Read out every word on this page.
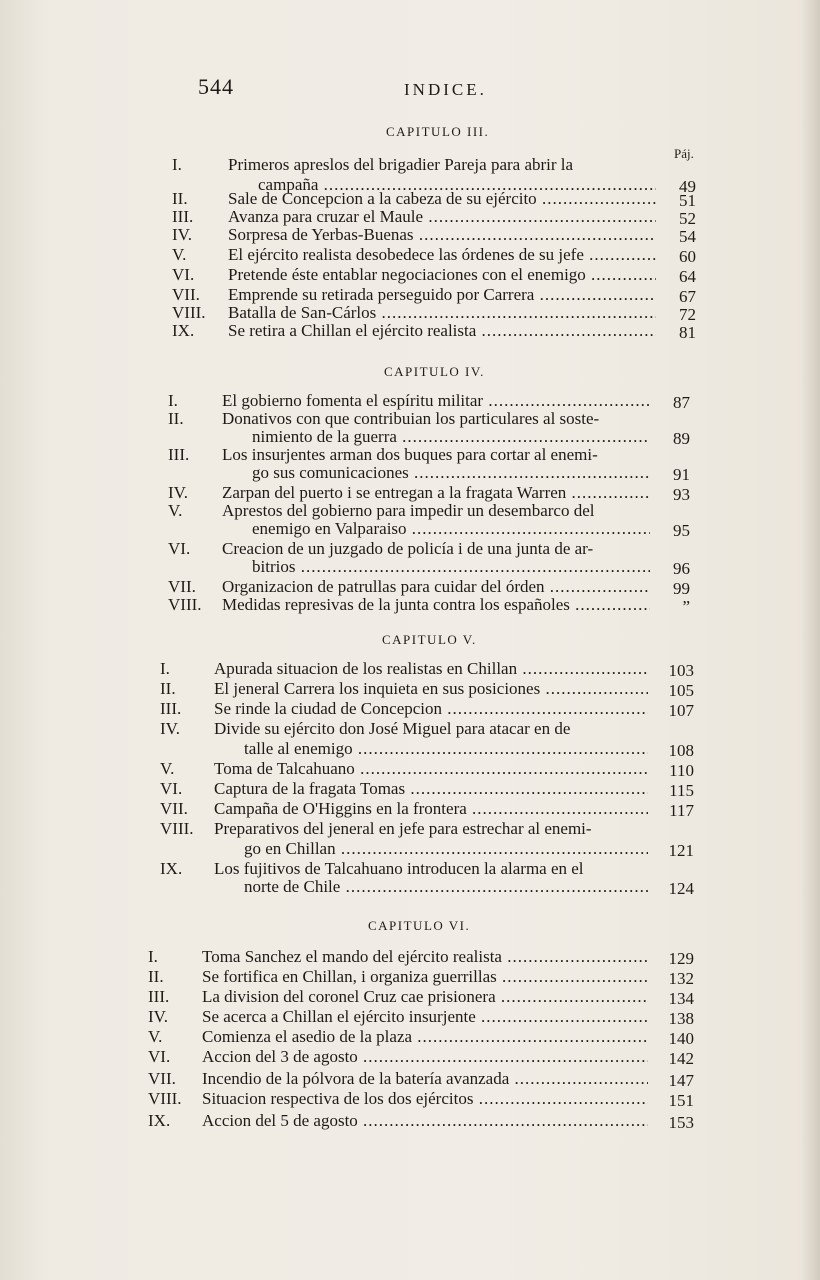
544	INDICE.
Páj.
CAPITULO III.
I.	Primeros apreslos del brigadier Pareja para abrir la
campaña .....	49
II. Sale de Concepcion a la cabeza de su ejército .....	51
III. Avanza para cruzar el Maule .....	52
IV. Sorpresa de Yerbas-Buenas .....	54
V. El ejército realista desobedece las órdenes de su jefe .....	60
VI. Pretende éste entablar negociaciones con el enemigo .....	64
VII. Emprende su retirada perseguido por Carrera .....	67
VIII. Batalla de San-Cárlos .....	72
IX. Se retira a Chillan el ejército realista .....	81
CAPITULO IV.
I.	El gobierno fomenta el espíritu militar .....	87
II. Donativos con que contribuian los particulares al soste-
nimiento de la guerra .....	89
III. Los insurjentes arman dos buques para cortar al enemi-
go sus comunicaciones .....	91
IV. Zarpan del puerto i se entregan a la fragata Warren .....	93
V. Aprestos del gobierno para impedir un desembarco del
enemigo en Valparaiso .....	95
VI. Creacion de un juzgado de policía i de una junta de ar-
bitrios .....	96
VII. Organizacion de patrullas para cuidar del órden .....	99
VIII. Medidas represivas de la junta contra los españoles .....	”
CAPITULO V.
I.	Apurada situacion de los realistas en Chillan .....	103
II. El jeneral Carrera los inquieta en sus posiciones .....	105
III. Se rinde la ciudad de Concepcion .....	107
IV. Divide su ejército don José Miguel para atacar en de
talle al enemigo .....	108
V. Toma de Talcahuano .....	110
VI. Captura de la fragata Tomas .....	115
VII. Campaña de O'Higgins en la frontera .....	117
VIII. Preparativos del jeneral en jefe para estrechar al enemi-
go en Chillan .....	121
IX. Los fujitivos de Talcahuano introducen la alarma en el
norte de Chile .....	124
CAPITULO VI.
I.	Toma Sanchez el mando del ejército realista .....	129
II. Se fortifica en Chillan, i organiza guerrillas .....	132
III. La division del coronel Cruz cae prisionera .....	134
IV. Se acerca a Chillan el ejército insurjente .....	138
V. Comienza el asedio de la plaza .....	140
VI. Accion del 3 de agosto .....	142
VII. Incendio de la pólvora de la batería avanzada .....	147
VIII. Situacion respectiva de los dos ejércitos .....	151
IX. Accion del 5 de agosto .....	153
